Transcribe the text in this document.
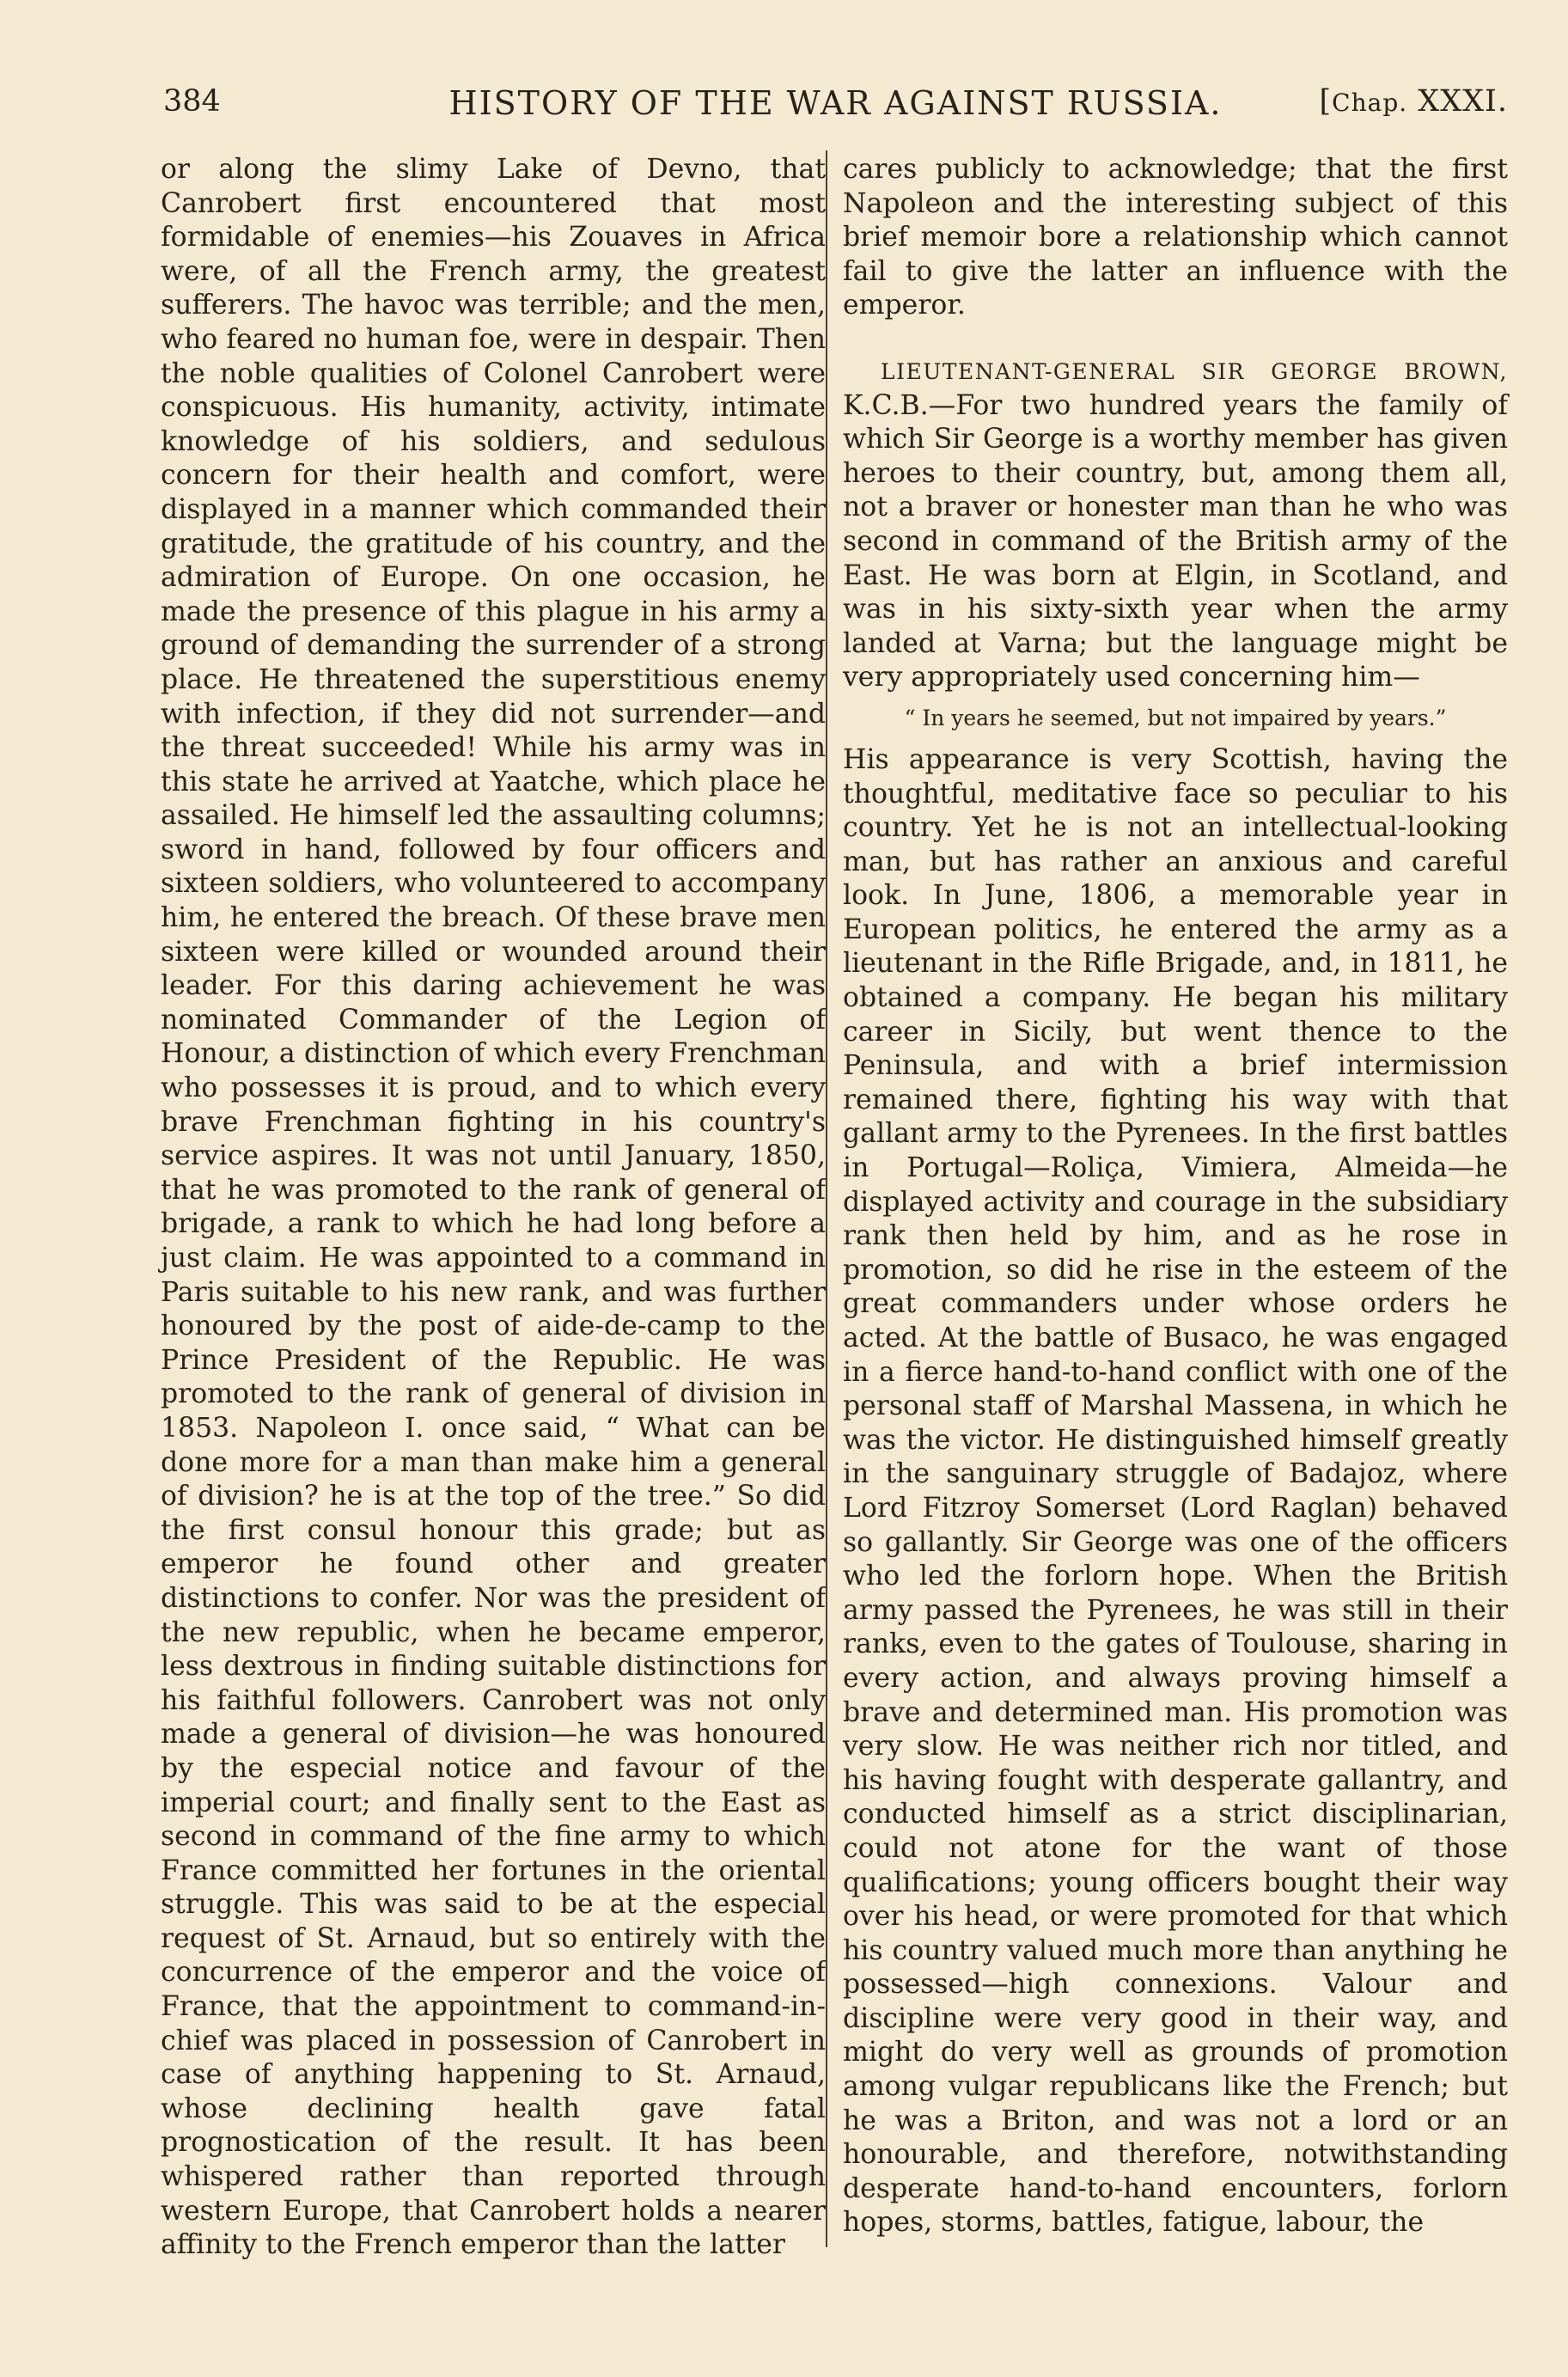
384	HISTORY OF THE WAR AGAINST RUSSIA.	[Chap. XXXI.

or along the slimy Lake of Devno, that Canrobert first encountered that most formidable of enemies—his Zouaves in Africa were, of all the French army, the greatest sufferers. The havoc was terrible; and the men, who feared no human foe, were in despair. Then the noble qualities of Colonel Canrobert were conspicuous. His humanity, activity, intimate knowledge of his soldiers, and sedulous concern for their health and comfort, were displayed in a manner which commanded their gratitude, the gratitude of his country, and the admiration of Europe. On one occasion, he made the presence of this plague in his army a ground of demanding the surrender of a strong place. He threatened the superstitious enemy with infection, if they did not surrender—and the threat succeeded! While his army was in this state he arrived at Yaatche, which place he assailed. He himself led the assaulting columns; sword in hand, followed by four officers and sixteen soldiers, who volunteered to accompany him, he entered the breach. Of these brave men sixteen were killed or wounded around their leader. For this daring achievement he was nominated Commander of the Legion of Honour, a distinction of which every Frenchman who possesses it is proud, and to which every brave Frenchman fighting in his country's service aspires. It was not until January, 1850, that he was promoted to the rank of general of brigade, a rank to which he had long before a just claim. He was appointed to a command in Paris suitable to his new rank, and was further honoured by the post of aide-de-camp to the Prince President of the Republic. He was promoted to the rank of general of division in 1853. Napoleon I. once said, “ What can be done more for a man than make him a general of division? he is at the top of the tree.” So did the first consul honour this grade; but as emperor he found other and greater distinctions to confer. Nor was the president of the new republic, when he became emperor, less dextrous in finding suitable distinctions for his faithful followers. Canrobert was not only made a general of division—he was honoured by the especial notice and favour of the imperial court; and finally sent to the East as second in command of the fine army to which France committed her fortunes in the oriental struggle. This was said to be at the especial request of St. Arnaud, but so entirely with the concurrence of the emperor and the voice of France, that the appointment to command-in-chief was placed in possession of Canrobert in case of anything happening to St. Arnaud, whose declining health gave fatal prognostication of the result. It has been whispered rather than reported through western Europe, that Canrobert holds a nearer affinity to the French emperor than the latter

cares publicly to acknowledge; that the first Napoleon and the interesting subject of this brief memoir bore a relationship which cannot fail to give the latter an influence with the emperor.

LIEUTENANT-GENERAL SIR GEORGE BROWN, K.C.B.—For two hundred years the family of which Sir George is a worthy member has given heroes to their country, but, among them all, not a braver or honester man than he who was second in command of the British army of the East. He was born at Elgin, in Scotland, and was in his sixty-sixth year when the army landed at Varna; but the language might be very appropriately used concerning him—

“ In years he seemed, but not impaired by years.”

His appearance is very Scottish, having the thoughtful, meditative face so peculiar to his country. Yet he is not an intellectual-looking man, but has rather an anxious and careful look. In June, 1806, a memorable year in European politics, he entered the army as a lieutenant in the Rifle Brigade, and, in 1811, he obtained a company. He began his military career in Sicily, but went thence to the Peninsula, and with a brief intermission remained there, fighting his way with that gallant army to the Pyrenees. In the first battles in Portugal—Roliça, Vimiera, Almeida—he displayed activity and courage in the subsidiary rank then held by him, and as he rose in promotion, so did he rise in the esteem of the great commanders under whose orders he acted. At the battle of Busaco, he was engaged in a fierce hand-to-hand conflict with one of the personal staff of Marshal Massena, in which he was the victor. He distinguished himself greatly in the sanguinary struggle of Badajoz, where Lord Fitzroy Somerset (Lord Raglan) behaved so gallantly. Sir George was one of the officers who led the forlorn hope. When the British army passed the Pyrenees, he was still in their ranks, even to the gates of Toulouse, sharing in every action, and always proving himself a brave and determined man. His promotion was very slow. He was neither rich nor titled, and his having fought with desperate gallantry, and conducted himself as a strict disciplinarian, could not atone for the want of those qualifications; young officers bought their way over his head, or were promoted for that which his country valued much more than anything he possessed—high connexions. Valour and discipline were very good in their way, and might do very well as grounds of promotion among vulgar republicans like the French; but he was a Briton, and was not a lord or an honourable, and therefore, notwithstanding desperate hand-to-hand encounters, forlorn hopes, storms, battles, fatigue, labour, the
